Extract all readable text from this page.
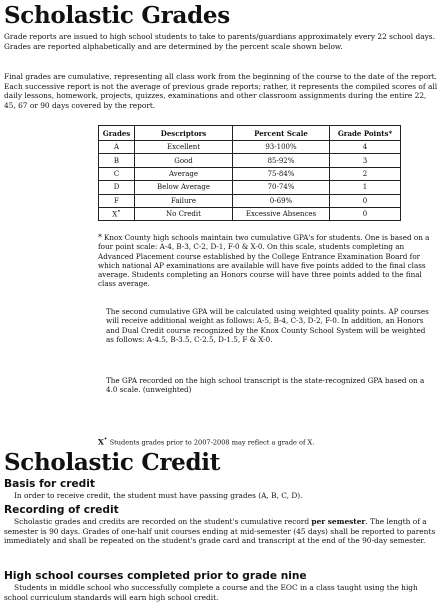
Scholastic Grades

Grade reports are issued to high school students to take to parents/guardians approximately every 22 school days. Grades are reported alphabetically and are determined by the percent scale shown below.

Final grades are cumulative, representing all class work from the beginning of the course to the date of the report. Each successive report is not the average of previous grade reports; rather, it represents the compiled scores of all daily lessons, homework, projects, quizzes, examinations and other classroom assignments during the entire 22, 45, 67 or 90 days covered by the report.

Grades	Descriptors	Percent Scale	Grade Points*
A	Excellent	93-100%	4
B	Good	85-92%	3
C	Average	75-84%	2
D	Below Average	70-74%	1
F	Failure	0-69%	0
X•	No Credit	Excessive Absences	0

* Knox County high schools maintain two cumulative GPA's for students. One is based on a four point scale: A-4, B-3, C-2, D-1, F-0 & X-0. On this scale, students completing an Advanced Placement course established by the College Entrance Examination Board for which national AP examinations are available will have five points added to the final class average. Students completing an Honors course will have three points added to the final class average.

The second cumulative GPA will be calculated using weighted quality points. AP courses will receive additional weight as follows: A-5, B-4, C-3, D-2, F-0. In addition, an Honors and Dual Credit course recognized by the Knox County School System will be weighted as follows: A-4.5, B-3.5, C-2.5, D-1.5, F & X-0.

The GPA recorded on the high school transcript is the state-recognized GPA based on a 4.0 scale. (unweighted)

X• Students grades prior to 2007-2008 may reflect a grade of X.

Scholastic Credit
Basis for credit

In order to receive credit, the student must have passing grades (A, B, C, D).

Recording of credit

Scholastic grades and credits are recorded on the student's cumulative record per semester. The length of a semester is 90 days. Grades of one-half unit courses ending at mid-semester (45 days) shall be reported to parents immediately and shall be repeated on the student's grade card and transcript at the end of the 90-day semester.

High school courses completed prior to grade nine

Students in middle school who successfully complete a course and the EOC in a class taught using the high school curriculum standards will earn high school credit.
